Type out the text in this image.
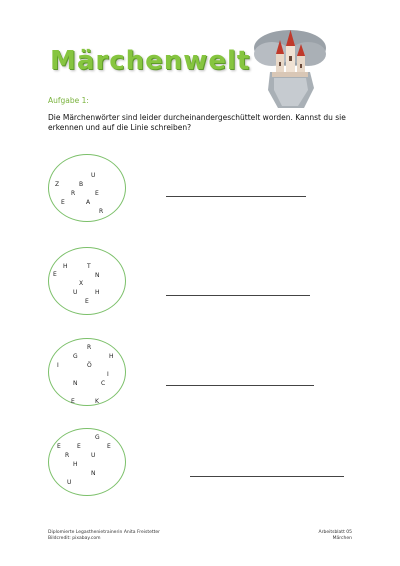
Märchenwelt
Aufgabe 1:
Die Märchenwörter sind leider durcheinandergeschüttelt worden. Kannst du sie erkennen und auf die Linie schreiben?
U
Z	B
R	E
E	A
R
H	T
E	N
X
U	H
E
R
G	H
I	Ö
I
N	C
E	K
G
E	E	E
R	U
H
N
U
Diplomierte Legasthenietrainerin Anita Freistetter
Bildcredit: pixabay.com
Arbeitsblatt 05
Märchen
